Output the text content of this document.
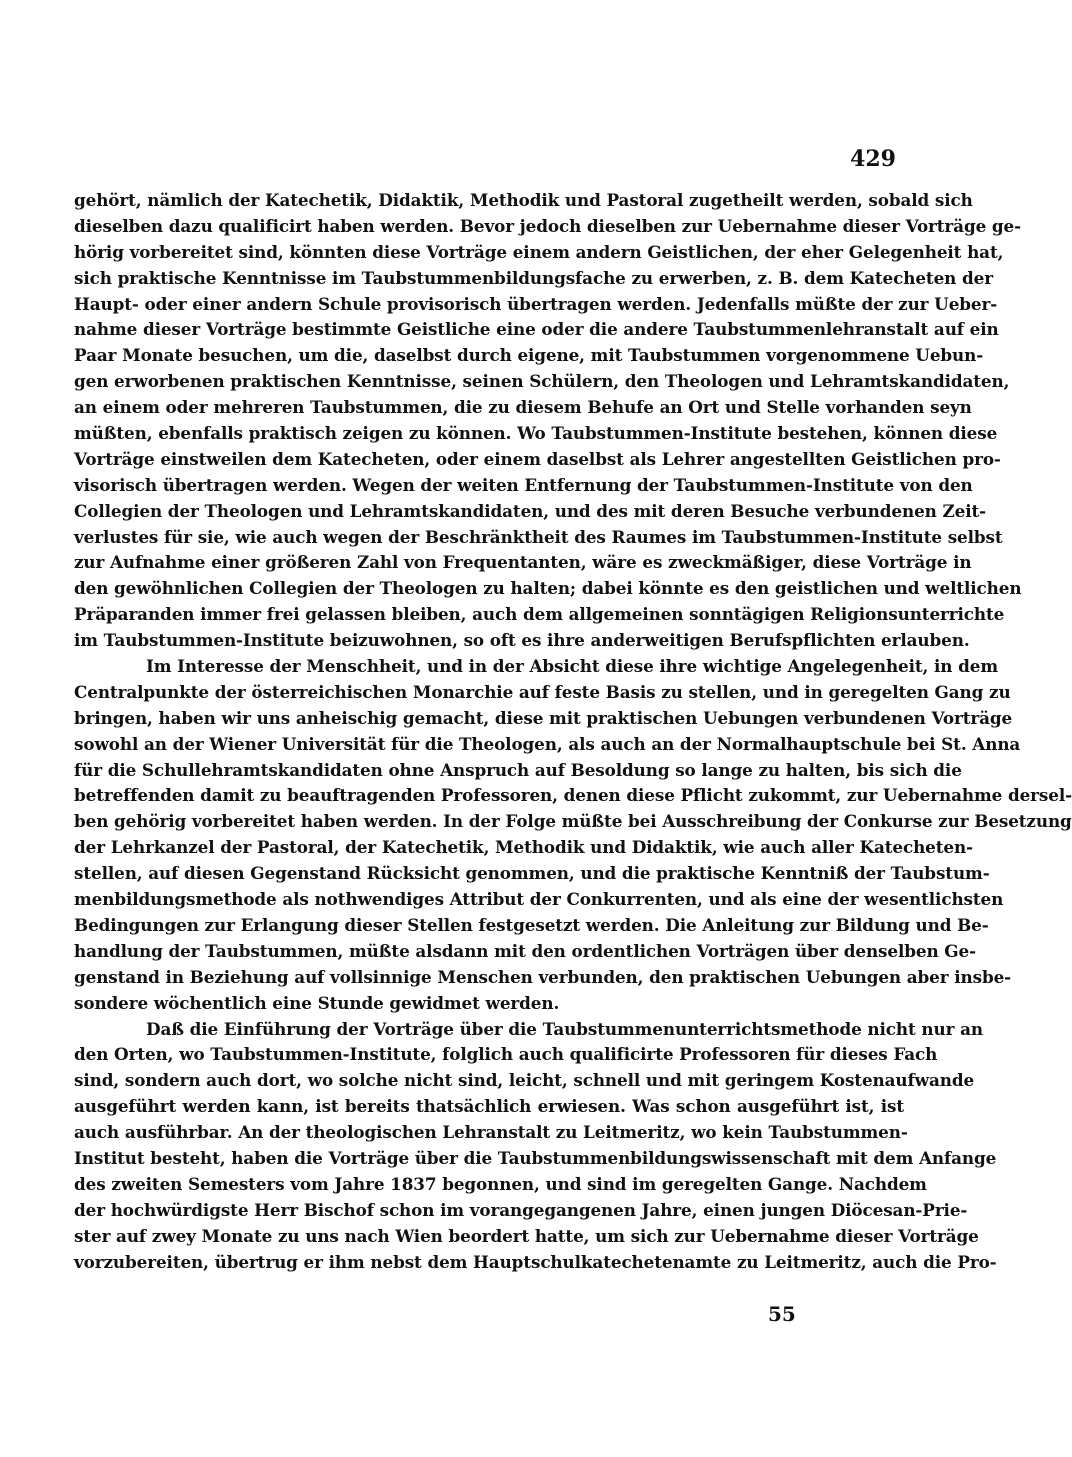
429
gehört, nämlich der Katechetik, Didaktik, Methodik und Pastoral zugetheilt werden, sobald sich
dieselben dazu qualificirt haben werden. Bevor jedoch dieselben zur Uebernahme dieser Vorträge ge-
hörig vorbereitet sind, könnten diese Vorträge einem andern Geistlichen, der eher Gelegenheit hat,
sich praktische Kenntnisse im Taubstummenbildungsfache zu erwerben, z. B. dem Katecheten der
Haupt- oder einer andern Schule provisorisch übertragen werden. Jedenfalls müßte der zur Ueber-
nahme dieser Vorträge bestimmte Geistliche eine oder die andere Taubstummenlehranstalt auf ein
Paar Monate besuchen, um die, daselbst durch eigene, mit Taubstummen vorgenommene Uebun-
gen erworbenen praktischen Kenntnisse, seinen Schülern, den Theologen und Lehramtskandidaten,
an einem oder mehreren Taubstummen, die zu diesem Behufe an Ort und Stelle vorhanden seyn
müßten, ebenfalls praktisch zeigen zu können. Wo Taubstummen-Institute bestehen, können diese
Vorträge einstweilen dem Katecheten, oder einem daselbst als Lehrer angestellten Geistlichen pro-
visorisch übertragen werden. Wegen der weiten Entfernung der Taubstummen-Institute von den
Collegien der Theologen und Lehramtskandidaten, und des mit deren Besuche verbundenen Zeit-
verlustes für sie, wie auch wegen der Beschränktheit des Raumes im Taubstummen-Institute selbst
zur Aufnahme einer größeren Zahl von Frequentanten, wäre es zweckmäßiger, diese Vorträge in
den gewöhnlichen Collegien der Theologen zu halten; dabei könnte es den geistlichen und weltlichen
Präparanden immer frei gelassen bleiben, auch dem allgemeinen sonntägigen Religionsunterrichte
im Taubstummen-Institute beizuwohnen, so oft es ihre anderweitigen Berufspflichten erlauben.
Im Interesse der Menschheit, und in der Absicht diese ihre wichtige Angelegenheit, in dem
Centralpunkte der österreichischen Monarchie auf feste Basis zu stellen, und in geregelten Gang zu
bringen, haben wir uns anheischig gemacht, diese mit praktischen Uebungen verbundenen Vorträge
sowohl an der Wiener Universität für die Theologen, als auch an der Normalhauptschule bei St. Anna
für die Schullehramtskandidaten ohne Anspruch auf Besoldung so lange zu halten, bis sich die
betreffenden damit zu beauftragenden Professoren, denen diese Pflicht zukommt, zur Uebernahme dersel-
ben gehörig vorbereitet haben werden. In der Folge müßte bei Ausschreibung der Conkurse zur Besetzung
der Lehrkanzel der Pastoral, der Katechetik, Methodik und Didaktik, wie auch aller Katecheten-
stellen, auf diesen Gegenstand Rücksicht genommen, und die praktische Kenntniß der Taubstum-
menbildungsmethode als nothwendiges Attribut der Conkurrenten, und als eine der wesentlichsten
Bedingungen zur Erlangung dieser Stellen festgesetzt werden. Die Anleitung zur Bildung und Be-
handlung der Taubstummen, müßte alsdann mit den ordentlichen Vorträgen über denselben Ge-
genstand in Beziehung auf vollsinnige Menschen verbunden, den praktischen Uebungen aber insbe-
sondere wöchentlich eine Stunde gewidmet werden.
Daß die Einführung der Vorträge über die Taubstummenunterrichtsmethode nicht nur an
den Orten, wo Taubstummen-Institute, folglich auch qualificirte Professoren für dieses Fach
sind, sondern auch dort, wo solche nicht sind, leicht, schnell und mit geringem Kostenaufwande
ausgeführt werden kann, ist bereits thatsächlich erwiesen. Was schon ausgeführt ist, ist
auch ausführbar. An der theologischen Lehranstalt zu Leitmeritz, wo kein Taubstummen-
Institut besteht, haben die Vorträge über die Taubstummenbildungswissenschaft mit dem Anfange
des zweiten Semesters vom Jahre 1837 begonnen, und sind im geregelten Gange. Nachdem
der hochwürdigste Herr Bischof schon im vorangegangenen Jahre, einen jungen Diöcesan-Prie-
ster auf zwey Monate zu uns nach Wien beordert hatte, um sich zur Uebernahme dieser Vorträge
vorzubereiten, übertrug er ihm nebst dem Hauptschulkatechetenamte zu Leitmeritz, auch die Pro-
55
